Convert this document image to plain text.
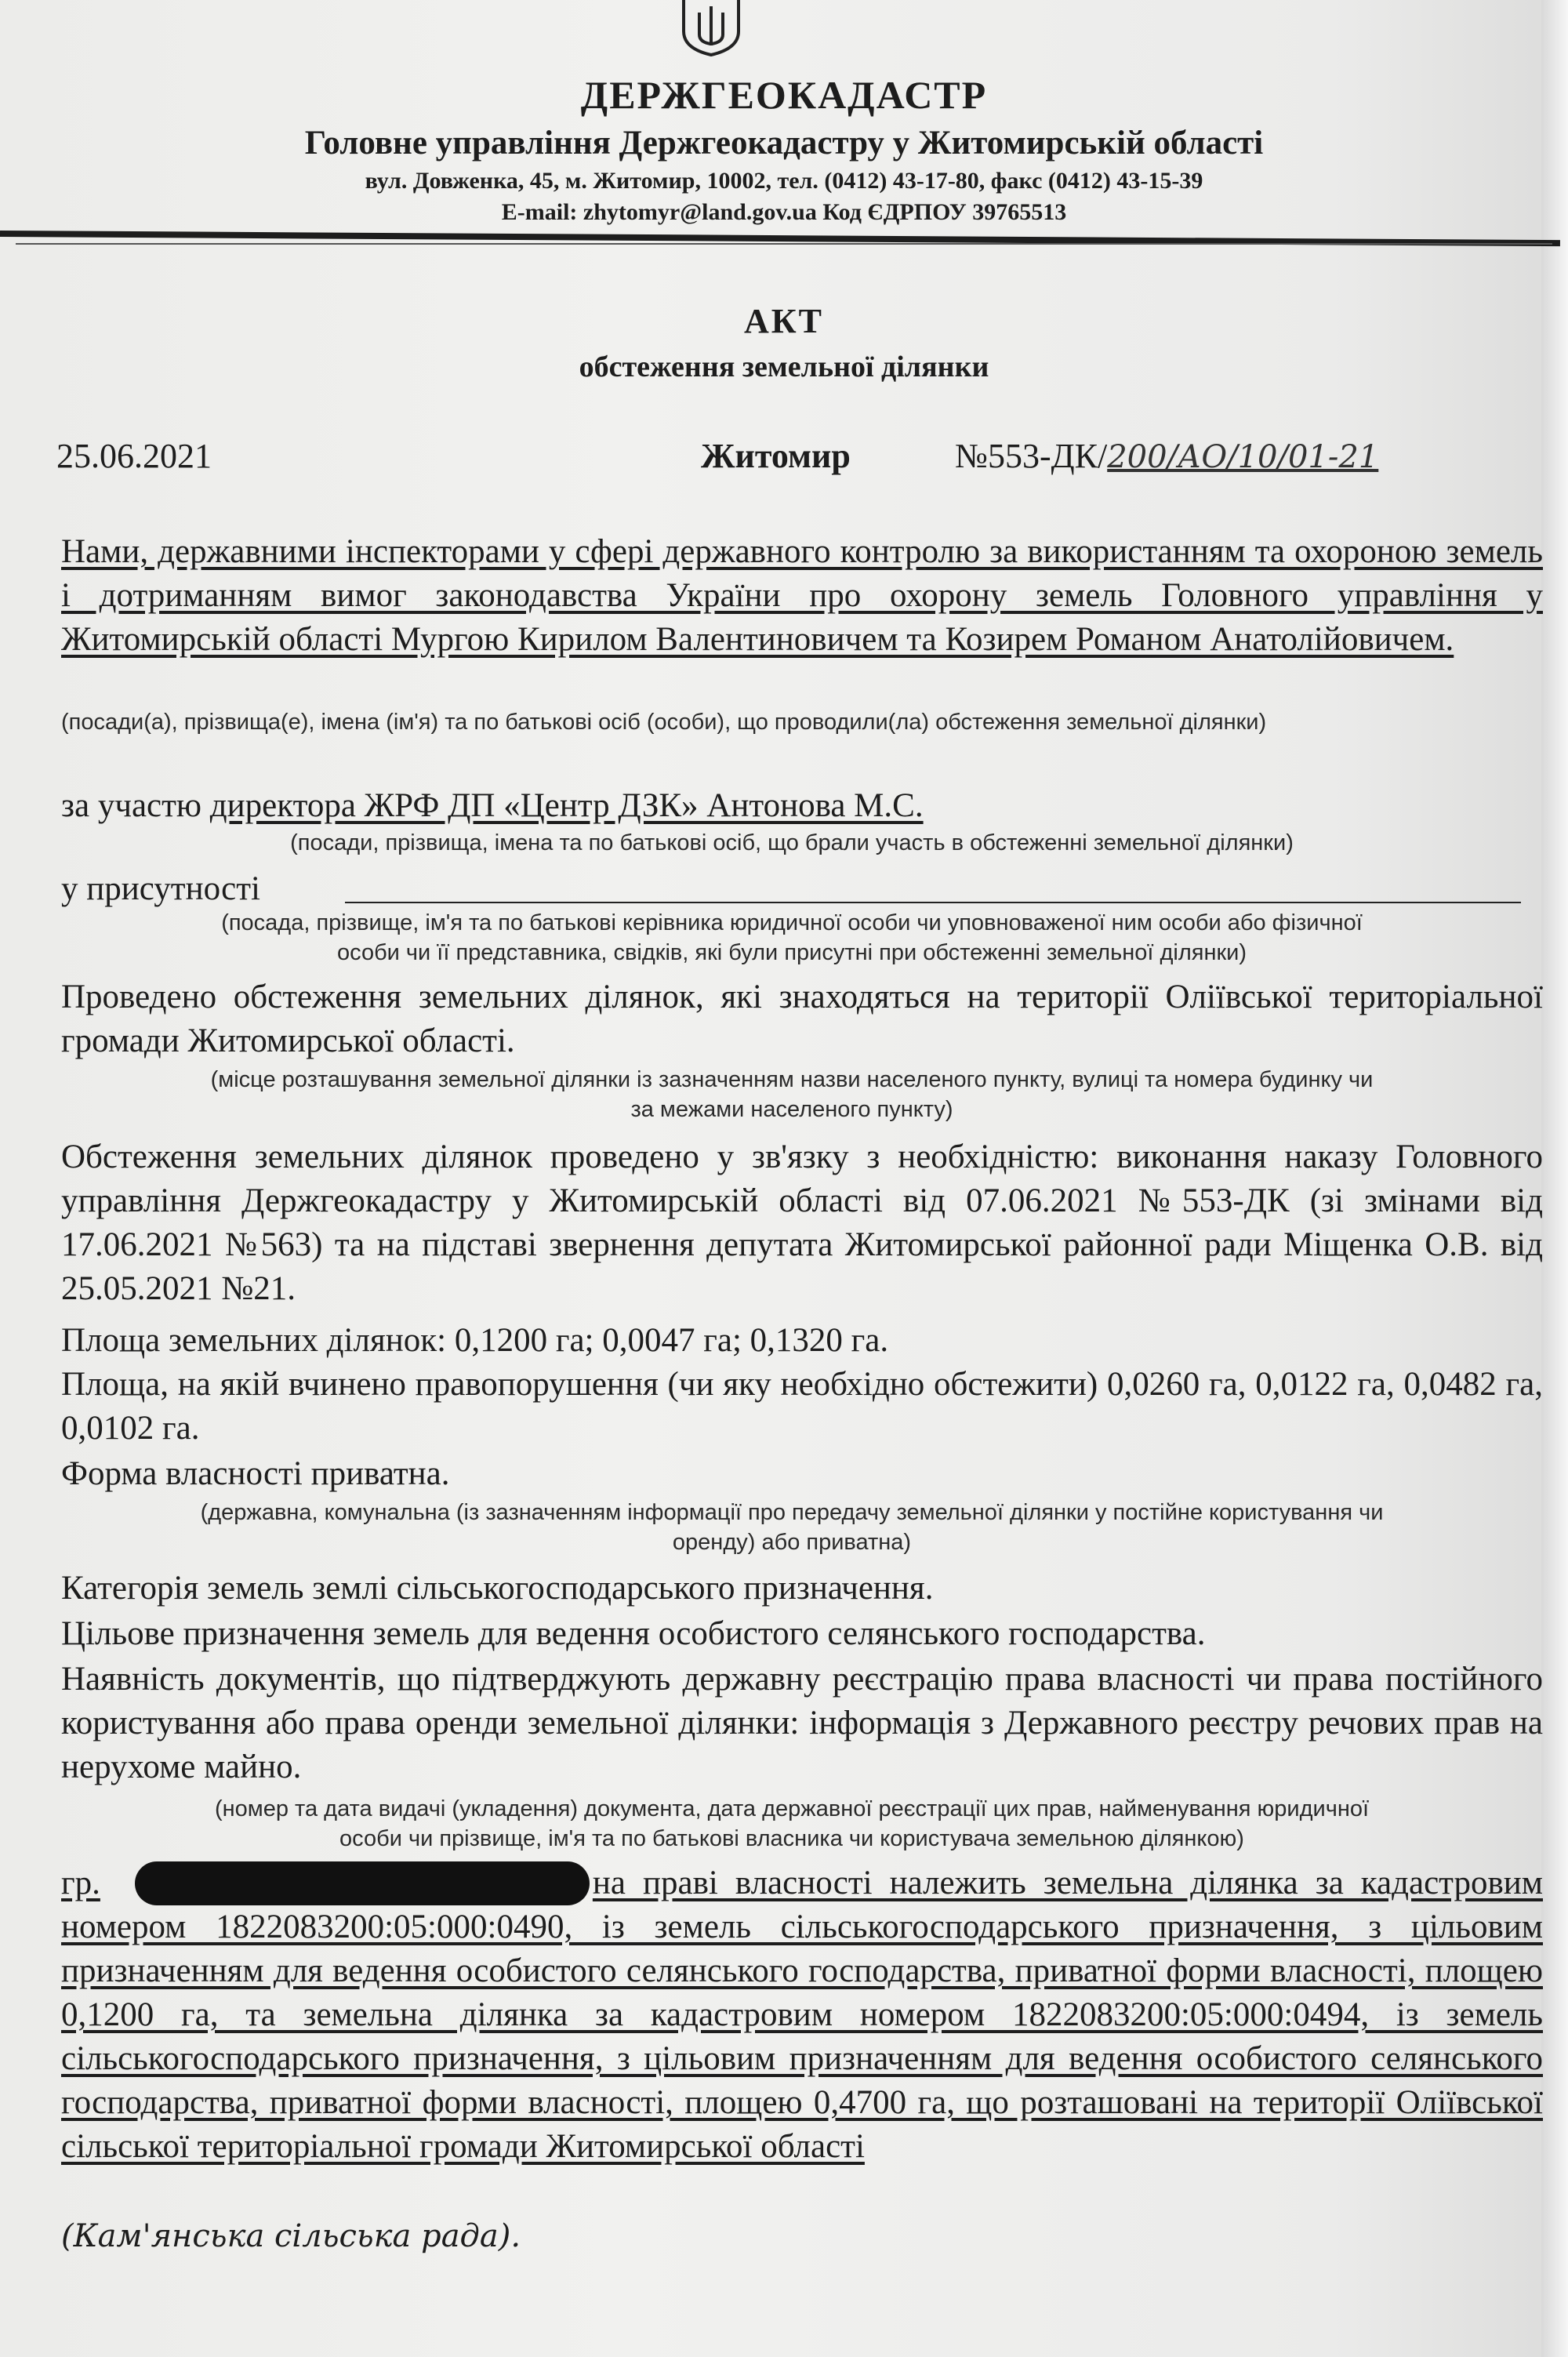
ДЕРЖГЕОКАДАСТР
Головне управління Держгеокадастру у Житомирській області
вул. Довженка, 45, м. Житомир, 10002, тел. (0412) 43-17-80, факс (0412) 43-15-39
E-mail: zhytomyr@land.gov.ua Код ЄДРПОУ 39765513
АКТ
обстеження земельної ділянки
25.06.2021	Житомир	№553-ДК/200/АО/10/01-21
Нами, державними інспекторами у сфері державного контролю за використанням та охороною земель і дотриманням вимог законодавства України про охорону земель Головного управління у Житомирській області Мургою Кирилом Валентиновичем та Козирем Романом Анатолійовичем.
(посади(а), прізвища(е), імена (ім'я) та по батькові осіб (особи), що проводили(ла) обстеження земельної ділянки)
за участю директора ЖРФ ДП «Центр ДЗК» Антонова М.С.
(посади, прізвища, імена та по батькові осіб, що брали участь в обстеженні земельної ділянки)
у присутності
(посада, прізвище, ім'я та по батькові керівника юридичної особи чи уповноваженої ним особи або фізичної
особи чи її представника, свідків, які були присутні при обстеженні земельної ділянки)
Проведено обстеження земельних ділянок, які знаходяться на території Олiївської територіальної громади Житомирської області.
(місце розташування земельної ділянки із зазначенням назви населеного пункту, вулиці та номера будинку чи
за межами населеного пункту)
Обстеження земельних ділянок проведено у зв'язку з необхідністю: виконання наказу Головного управління Держгеокадастру у Житомирській області від 07.06.2021 №553-ДК (зі змінами від 17.06.2021 №563) та на підставі звернення депутата Житомирської районної ради Міщенка О.В. від 25.05.2021 №21.
Площа земельних ділянок: 0,1200 га; 0,0047 га; 0,1320 га.
Площа, на якій вчинено правопорушення (чи яку необхідно обстежити) 0,0260 га, 0,0122 га, 0,0482 га, 0,0102 га.
Форма власності приватна.
(державна, комунальна (із зазначенням інформації про передачу земельної ділянки у постійне користування чи
оренду) або приватна)
Категорія земель землі сільськогосподарського призначення.
Цільове призначення земель для ведення особистого селянського господарства.
Наявність документів, що підтверджують державну реєстрацію права власності чи права постійного користування або права оренди земельної ділянки: інформація з Державного реєстру речових прав на нерухоме майно.
(номер та дата видачі (укладення) документа, дата державної реєстрації цих прав, найменування юридичної
особи чи прізвище, ім'я та по батькові власника чи користувача земельною ділянкою)
гр.	на праві власності належить земельна ділянка за кадастровим номером 1822083200:05:000:0490, із земель сільськогосподарського призначення, з цільовим призначенням для ведення особистого селянського господарства, приватної форми власності, площею 0,1200 га, та земельна ділянка за кадастровим номером 1822083200:05:000:0494, із земель сільськогосподарського призначення, з цільовим призначенням для ведення особистого селянського господарства, приватної форми власності, площею 0,4700 га, що розташовані на території Олiївської сільської територіальної громади Житомирської області
(Кам'янська сільська рада).
